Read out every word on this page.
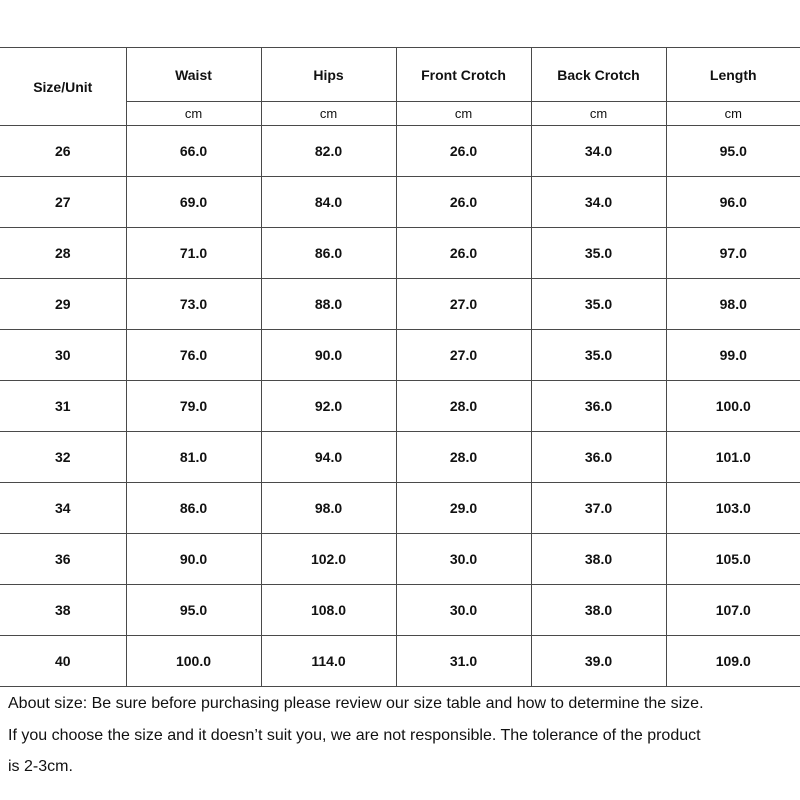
Size/Unit	Waist	Hips	Front Crotch	Back Crotch	Length
	cm	cm	cm	cm	cm
26	66.0	82.0	26.0	34.0	95.0
27	69.0	84.0	26.0	34.0	96.0
28	71.0	86.0	26.0	35.0	97.0
29	73.0	88.0	27.0	35.0	98.0
30	76.0	90.0	27.0	35.0	99.0
31	79.0	92.0	28.0	36.0	100.0
32	81.0	94.0	28.0	36.0	101.0
34	86.0	98.0	29.0	37.0	103.0
36	90.0	102.0	30.0	38.0	105.0
38	95.0	108.0	30.0	38.0	107.0
40	100.0	114.0	31.0	39.0	109.0

About size: Be sure before purchasing please review our size table and how to determine the size.

If you choose the size and it doesn’t suit you, we are not responsible. The tolerance of the product

is 2-3cm.
